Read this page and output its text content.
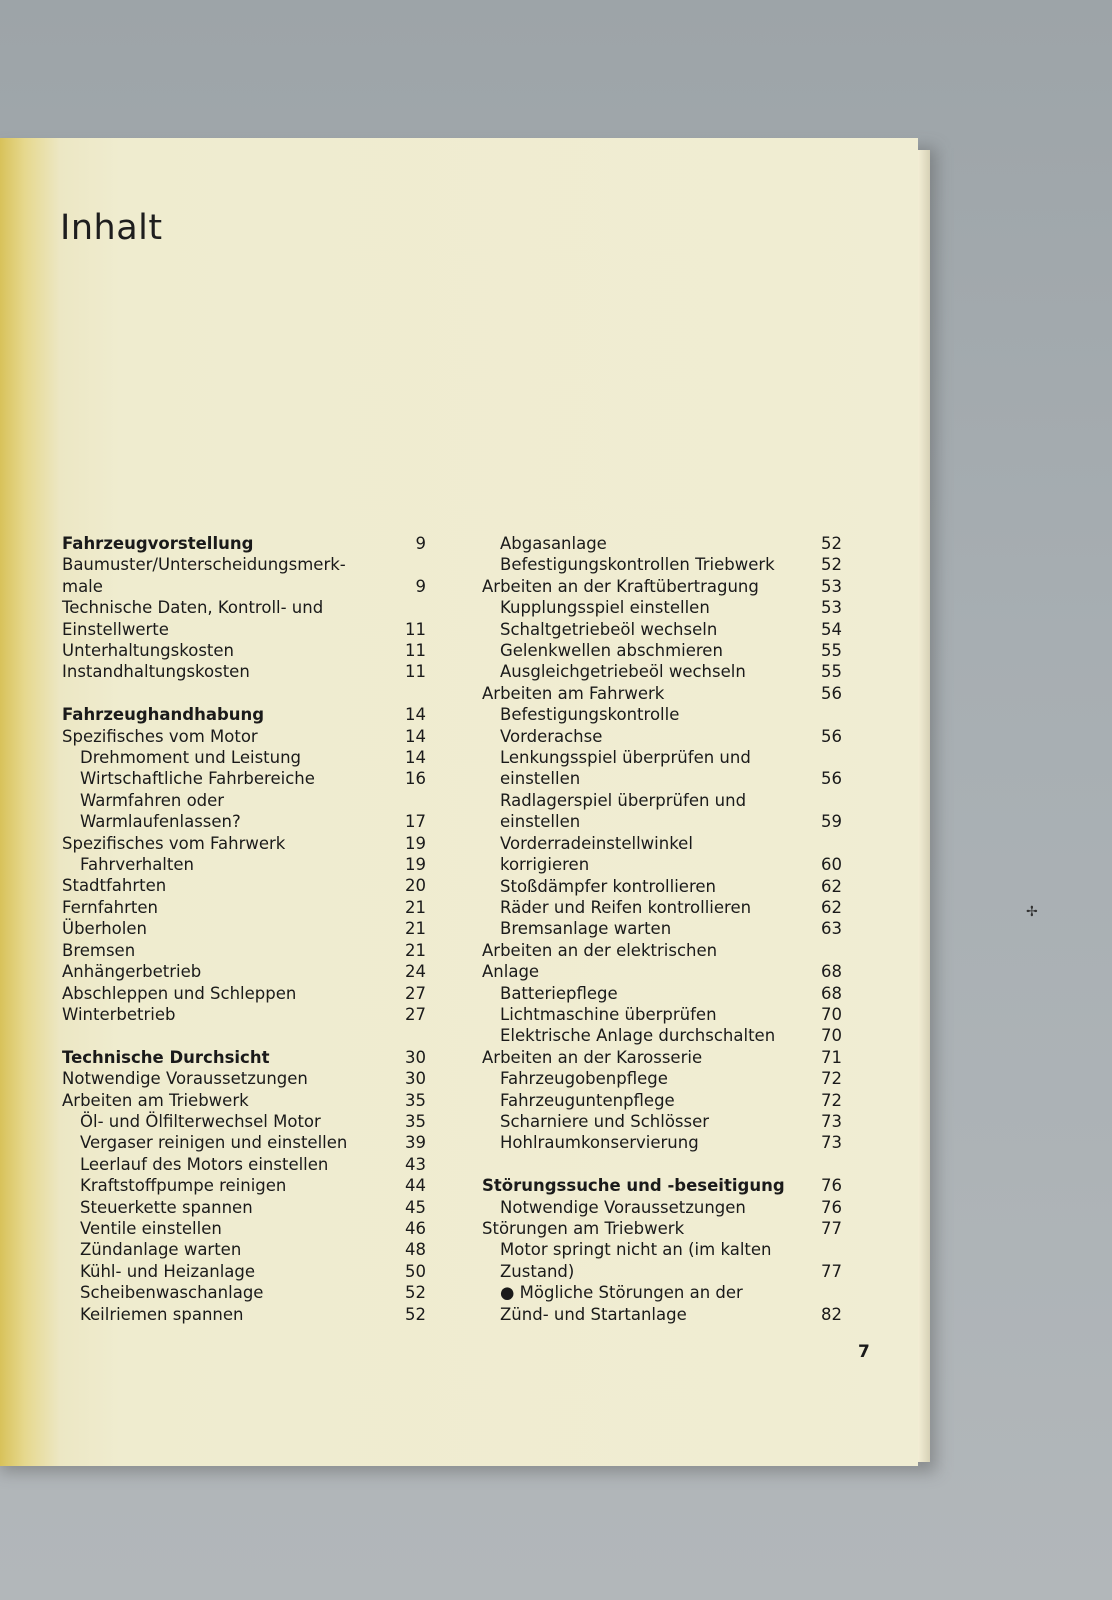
Inhalt
Fahrzeugvorstellung	9
Baumuster/Unterscheidungsmerk-
male	9
Technische Daten, Kontroll- und
Einstellwerte	11
Unterhaltungskosten	11
Instandhaltungskosten	11
Fahrzeughandhabung	14
Spezifisches vom Motor	14
Drehmoment und Leistung	14
Wirtschaftliche Fahrbereiche	16
Warmfahren oder
Warmlaufenlassen?	17
Spezifisches vom Fahrwerk	19
Fahrverhalten	19
Stadtfahrten	20
Fernfahrten	21
Überholen	21
Bremsen	21
Anhängerbetrieb	24
Abschleppen und Schleppen	27
Winterbetrieb	27
Technische Durchsicht	30
Notwendige Voraussetzungen	30
Arbeiten am Triebwerk	35
Öl- und Ölfilterwechsel Motor	35
Vergaser reinigen und einstellen	39
Leerlauf des Motors einstellen	43
Kraftstoffpumpe reinigen	44
Steuerkette spannen	45
Ventile einstellen	46
Zündanlage warten	48
Kühl- und Heizanlage	50
Scheibenwaschanlage	52
Keilriemen spannen	52
Abgasanlage	52
Befestigungskontrollen Triebwerk	52
Arbeiten an der Kraftübertragung	53
Kupplungsspiel einstellen	53
Schaltgetriebeöl wechseln	54
Gelenkwellen abschmieren	55
Ausgleichgetriebeöl wechseln	55
Arbeiten am Fahrwerk	56
Befestigungskontrolle
Vorderachse	56
Lenkungsspiel überprüfen und
einstellen	56
Radlagerspiel überprüfen und
einstellen	59
Vorderradeinstellwinkel
korrigieren	60
Stoßdämpfer kontrollieren	62
Räder und Reifen kontrollieren	62
Bremsanlage warten	63
Arbeiten an der elektrischen
Anlage	68
Batteriepflege	68
Lichtmaschine überprüfen	70
Elektrische Anlage durchschalten	70
Arbeiten an der Karosserie	71
Fahrzeugobenpflege	72
Fahrzeuguntenpflege	72
Scharniere und Schlösser	73
Hohlraumkonservierung	73
Störungssuche und -beseitigung	76
Notwendige Voraussetzungen	76
Störungen am Triebwerk	77
Motor springt nicht an (im kalten
Zustand)	77
● Mögliche Störungen an der
Zünd- und Startanlage	82
7
✢
